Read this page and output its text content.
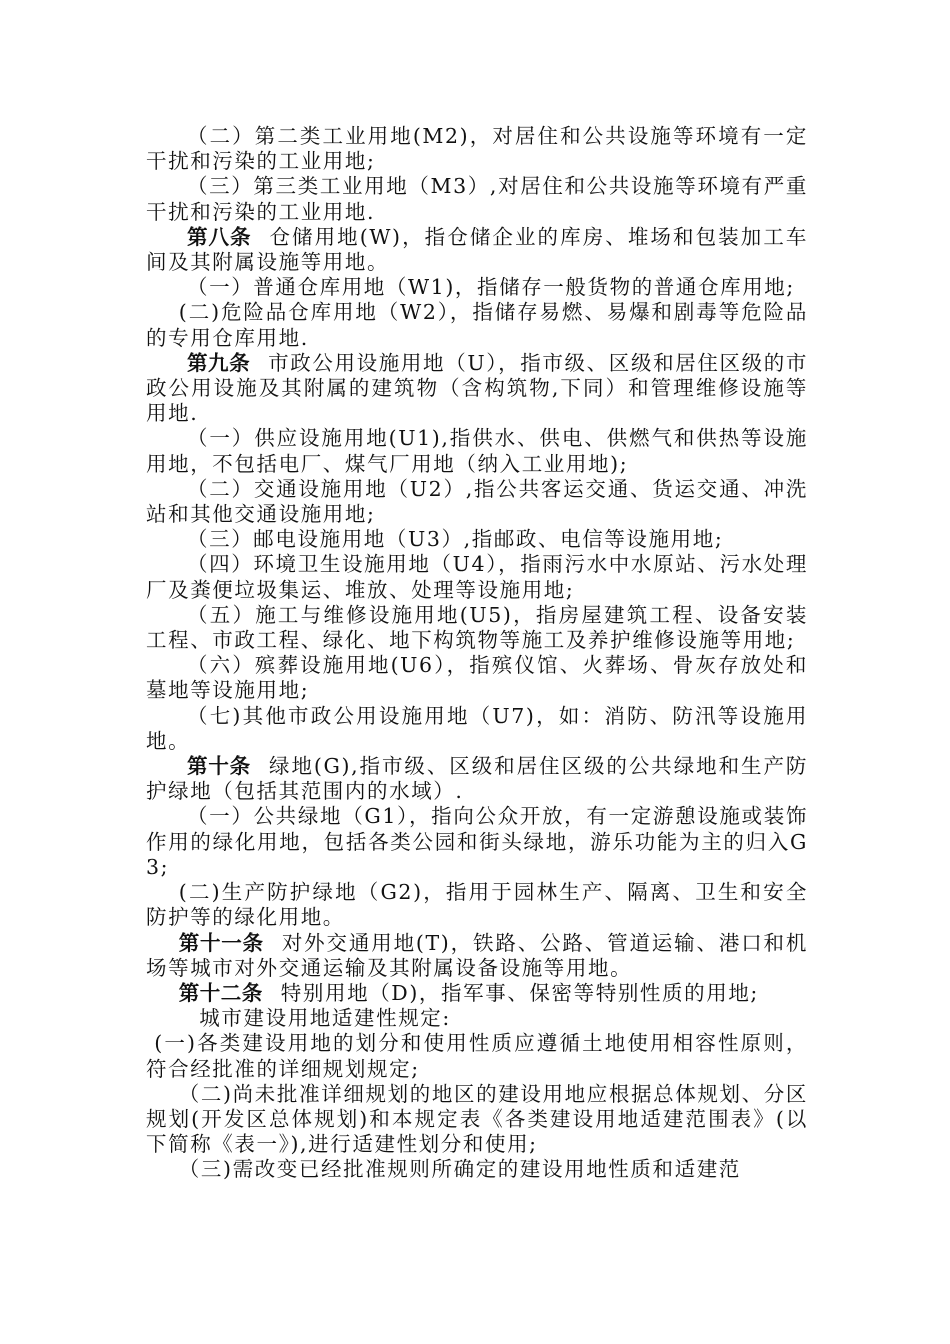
（二）第二类工业用地(M2)，对居住和公共设施等环境有一定干扰和污染的工业用地;

（三）第三类工业用地（M3）,对居住和公共设施等环境有严重干扰和污染的工业用地.

第八条 仓储用地(W)，指仓储企业的库房、堆场和包装加工车间及其附属设施等用地。

（一）普通仓库用地（W1)，指储存一般货物的普通仓库用地;

(二)危险品仓库用地（W2），指储存易燃、易爆和剧毒等危险品的专用仓库用地.

第九条 市政公用设施用地（U），指市级、区级和居住区级的市政公用设施及其附属的建筑物（含构筑物,下同）和管理维修设施等用地.

（一）供应设施用地(U1),指供水、供电、供燃气和供热等设施用地，不包括电厂、煤气厂用地（纳入工业用地);

（二）交通设施用地（U2）,指公共客运交通、货运交通、冲洗站和其他交通设施用地;

（三）邮电设施用地（U3）,指邮政、电信等设施用地;

（四）环境卫生设施用地（U4），指雨污水中水原站、污水处理厂及粪便垃圾集运、堆放、处理等设施用地;

（五）施工与维修设施用地(U5)，指房屋建筑工程、设备安装工程、市政工程、绿化、地下构筑物等施工及养护维修设施等用地;

（六）殡葬设施用地(U6），指殡仪馆、火葬场、骨灰存放处和墓地等设施用地;

（七)其他市政公用设施用地（U7)，如：消防、防汛等设施用地。

第十条 绿地(G),指市级、区级和居住区级的公共绿地和生产防护绿地（包括其范围内的水域）.

（一）公共绿地（G1），指向公众开放，有一定游憩设施或装饰作用的绿化用地，包括各类公园和街头绿地，游乐功能为主的归入G3;

(二)生产防护绿地（G2)，指用于园林生产、隔离、卫生和安全防护等的绿化用地。

第十一条 对外交通用地(T)，铁路、公路、管道运输、港口和机场等城市对外交通运输及其附属设备设施等用地。

第十二条 特别用地（D)，指军事、保密等特别性质的用地;

城市建设用地适建性规定:

(一)各类建设用地的划分和使用性质应遵循土地使用相容性原则，符合经批准的详细规划规定;

（二)尚未批准详细规划的地区的建设用地应根据总体规划、分区规划(开发区总体规划)和本规定表《各类建设用地适建范围表》(以下简称《表一》),进行适建性划分和使用;

（三)需改变已经批准规则所确定的建设用地性质和适建范
